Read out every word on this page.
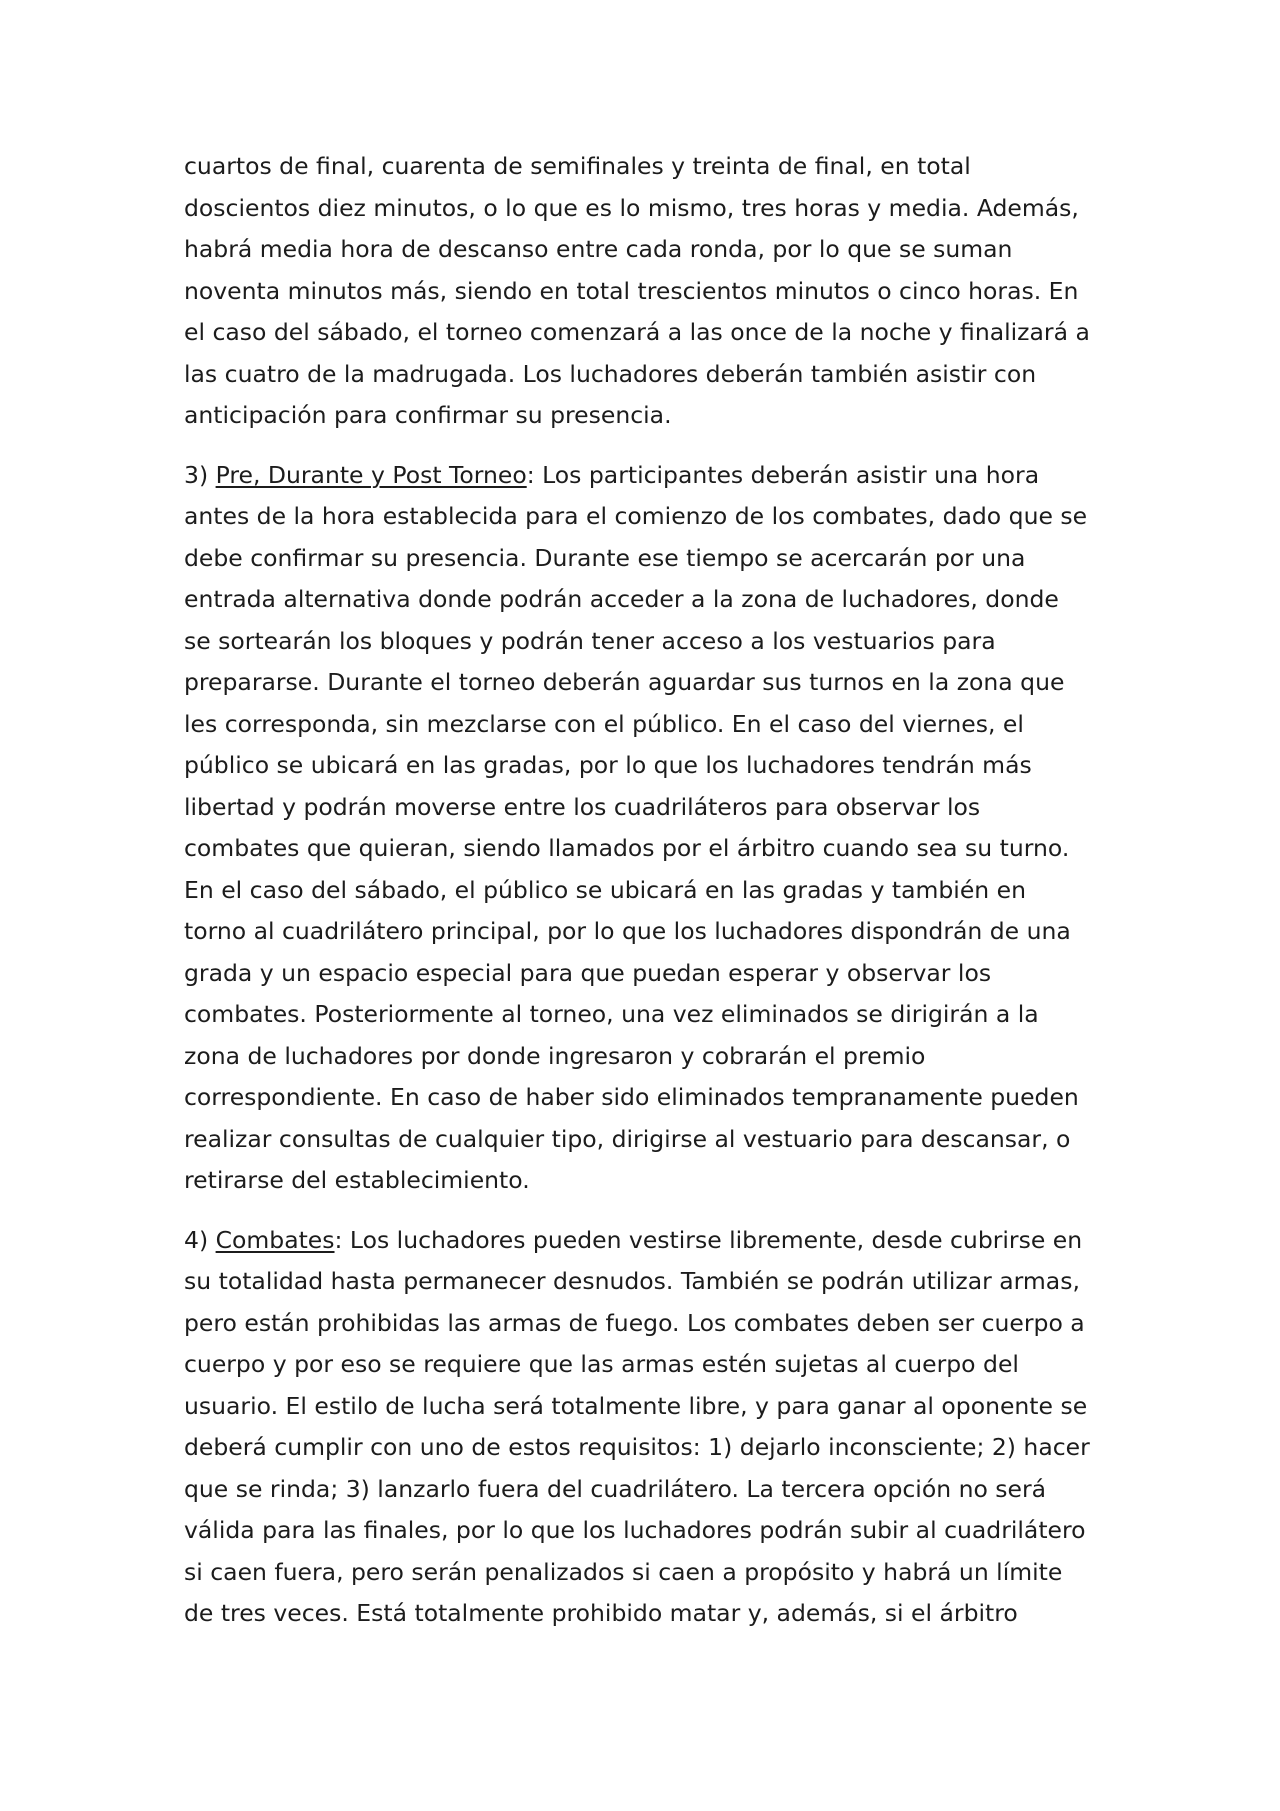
cuartos de final, cuarenta de semifinales y treinta de final, en total
doscientos diez minutos, o lo que es lo mismo, tres horas y media. Además,
habrá media hora de descanso entre cada ronda, por lo que se suman
noventa minutos más, siendo en total trescientos minutos o cinco horas. En
el caso del sábado, el torneo comenzará a las once de la noche y finalizará a
las cuatro de la madrugada. Los luchadores deberán también asistir con
anticipación para confirmar su presencia.

3) Pre, Durante y Post Torneo: Los participantes deberán asistir una hora
antes de la hora establecida para el comienzo de los combates, dado que se
debe confirmar su presencia. Durante ese tiempo se acercarán por una
entrada alternativa donde podrán acceder a la zona de luchadores, donde
se sortearán los bloques y podrán tener acceso a los vestuarios para
prepararse. Durante el torneo deberán aguardar sus turnos en la zona que
les corresponda, sin mezclarse con el público. En el caso del viernes, el
público se ubicará en las gradas, por lo que los luchadores tendrán más
libertad y podrán moverse entre los cuadriláteros para observar los
combates que quieran, siendo llamados por el árbitro cuando sea su turno.
En el caso del sábado, el público se ubicará en las gradas y también en
torno al cuadrilátero principal, por lo que los luchadores dispondrán de una
grada y un espacio especial para que puedan esperar y observar los
combates. Posteriormente al torneo, una vez eliminados se dirigirán a la
zona de luchadores por donde ingresaron y cobrarán el premio
correspondiente. En caso de haber sido eliminados tempranamente pueden
realizar consultas de cualquier tipo, dirigirse al vestuario para descansar, o
retirarse del establecimiento.

4) Combates: Los luchadores pueden vestirse libremente, desde cubrirse en
su totalidad hasta permanecer desnudos. También se podrán utilizar armas,
pero están prohibidas las armas de fuego. Los combates deben ser cuerpo a
cuerpo y por eso se requiere que las armas estén sujetas al cuerpo del
usuario. El estilo de lucha será totalmente libre, y para ganar al oponente se
deberá cumplir con uno de estos requisitos: 1) dejarlo inconsciente; 2) hacer
que se rinda; 3) lanzarlo fuera del cuadrilátero. La tercera opción no será
válida para las finales, por lo que los luchadores podrán subir al cuadrilátero
si caen fuera, pero serán penalizados si caen a propósito y habrá un límite
de tres veces. Está totalmente prohibido matar y, además, si el árbitro
